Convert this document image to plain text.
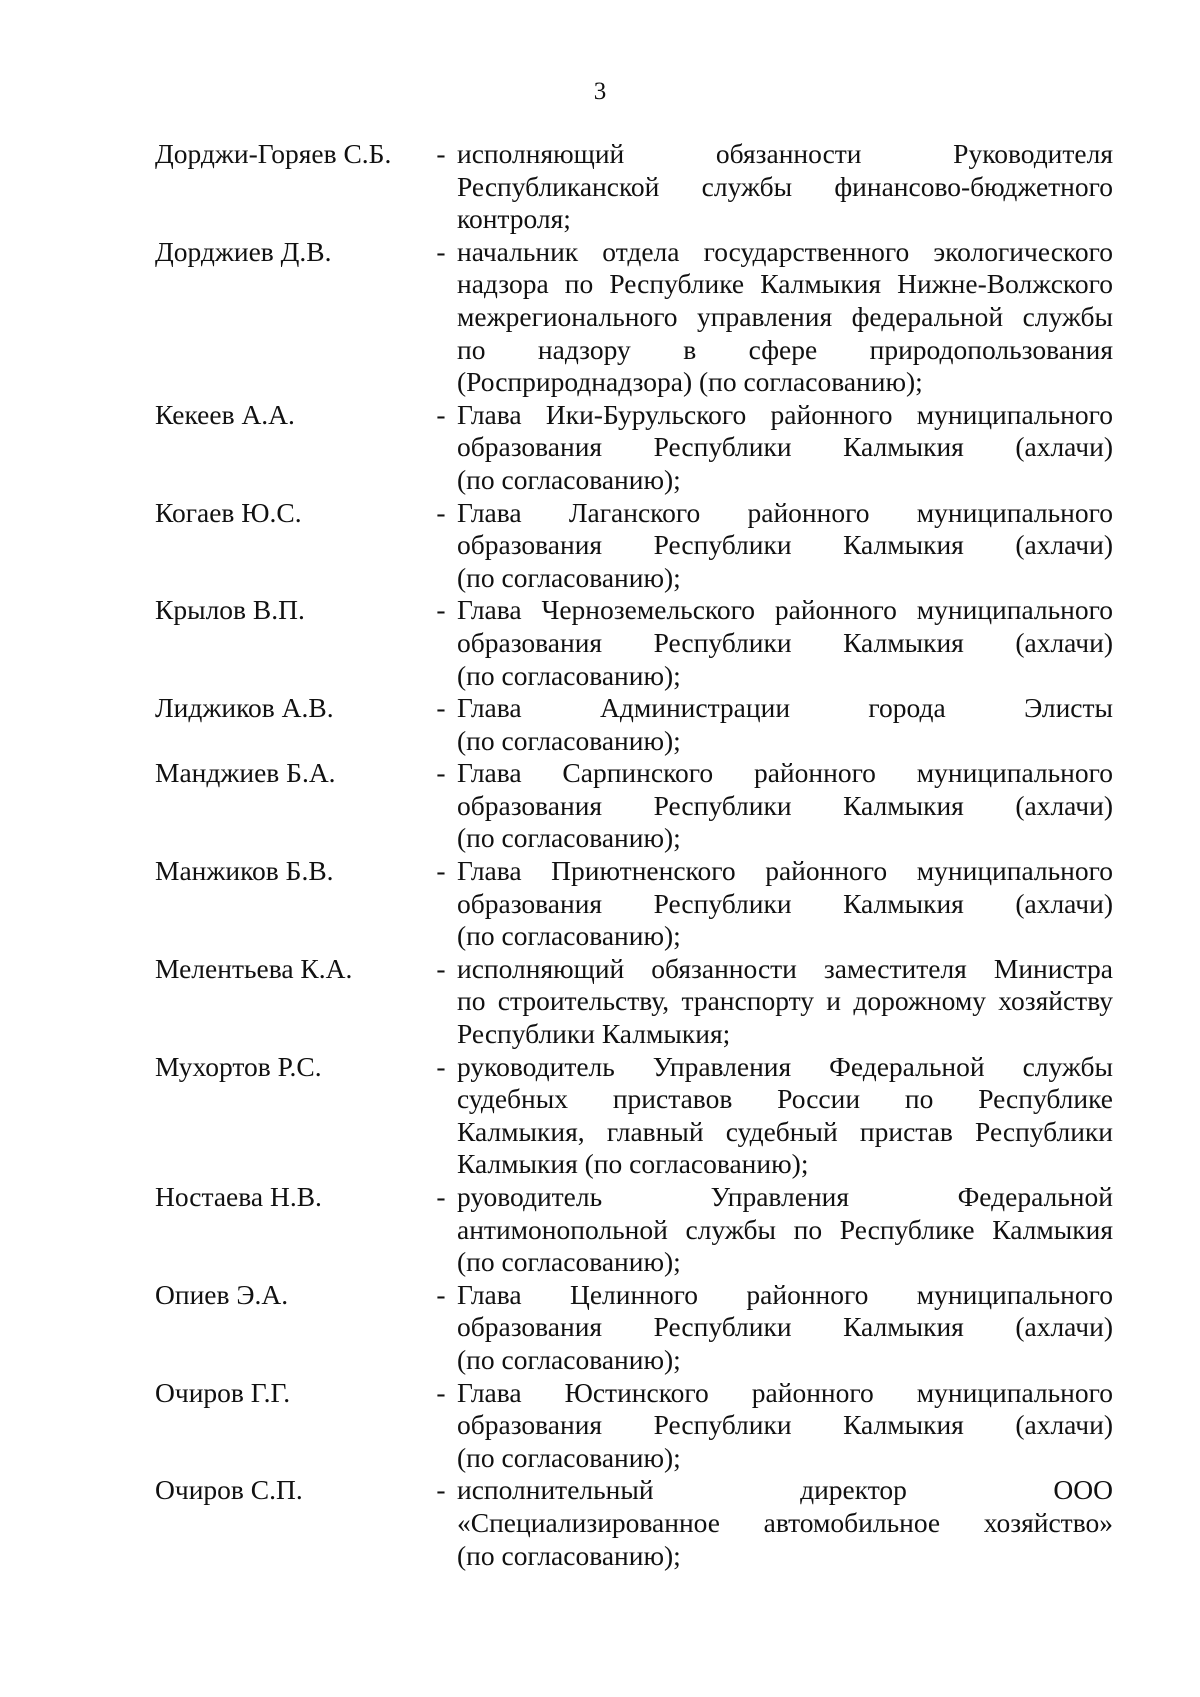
3
Дорджи-Горяев С.Б.	- исполняющий обязанности Руководителя
Республиканской службы финансово-бюджетного
контроля;
Дорджиев Д.В.	- начальник отдела государственного экологического
надзора по Республике Калмыкия Нижне-Волжского
межрегионального управления федеральной службы
по надзору в сфере природопользования
(Росприроднадзора) (по согласованию);
Кекеев А.А.	- Глава Ики-Бурульского районного муниципального
образования Республики Калмыкия (ахлачи)
(по согласованию);
Когаев Ю.С.	- Глава Лаганского районного муниципального
образования Республики Калмыкия (ахлачи)
(по согласованию);
Крылов В.П.	- Глава Черноземельского районного муниципального
образования Республики Калмыкия (ахлачи)
(по согласованию);
Лиджиков А.В.	- Глава Администрации города Элисты
(по согласованию);
Манджиев Б.А.	- Глава Сарпинского районного муниципального
образования Республики Калмыкия (ахлачи)
(по согласованию);
Манжиков Б.В.	- Глава Приютненского районного муниципального
образования Республики Калмыкия (ахлачи)
(по согласованию);
Мелентьева К.А.	- исполняющий обязанности заместителя Министра
по строительству, транспорту и дорожному хозяйству
Республики Калмыкия;
Мухортов Р.С.	- руководитель Управления Федеральной службы
судебных приставов России по Республике
Калмыкия, главный судебный пристав Республики
Калмыкия (по согласованию);
Ностаева Н.В.	- руоводитель Управления Федеральной
антимонопольной службы по Республике Калмыкия
(по согласованию);
Опиев Э.А.	- Глава Целинного районного муниципального
образования Республики Калмыкия (ахлачи)
(по согласованию);
Очиров Г.Г.	- Глава Юстинского районного муниципального
образования Республики Калмыкия (ахлачи)
(по согласованию);
Очиров С.П.	- исполнительный директор ООО
«Специализированное автомобильное хозяйство»
(по согласованию);
